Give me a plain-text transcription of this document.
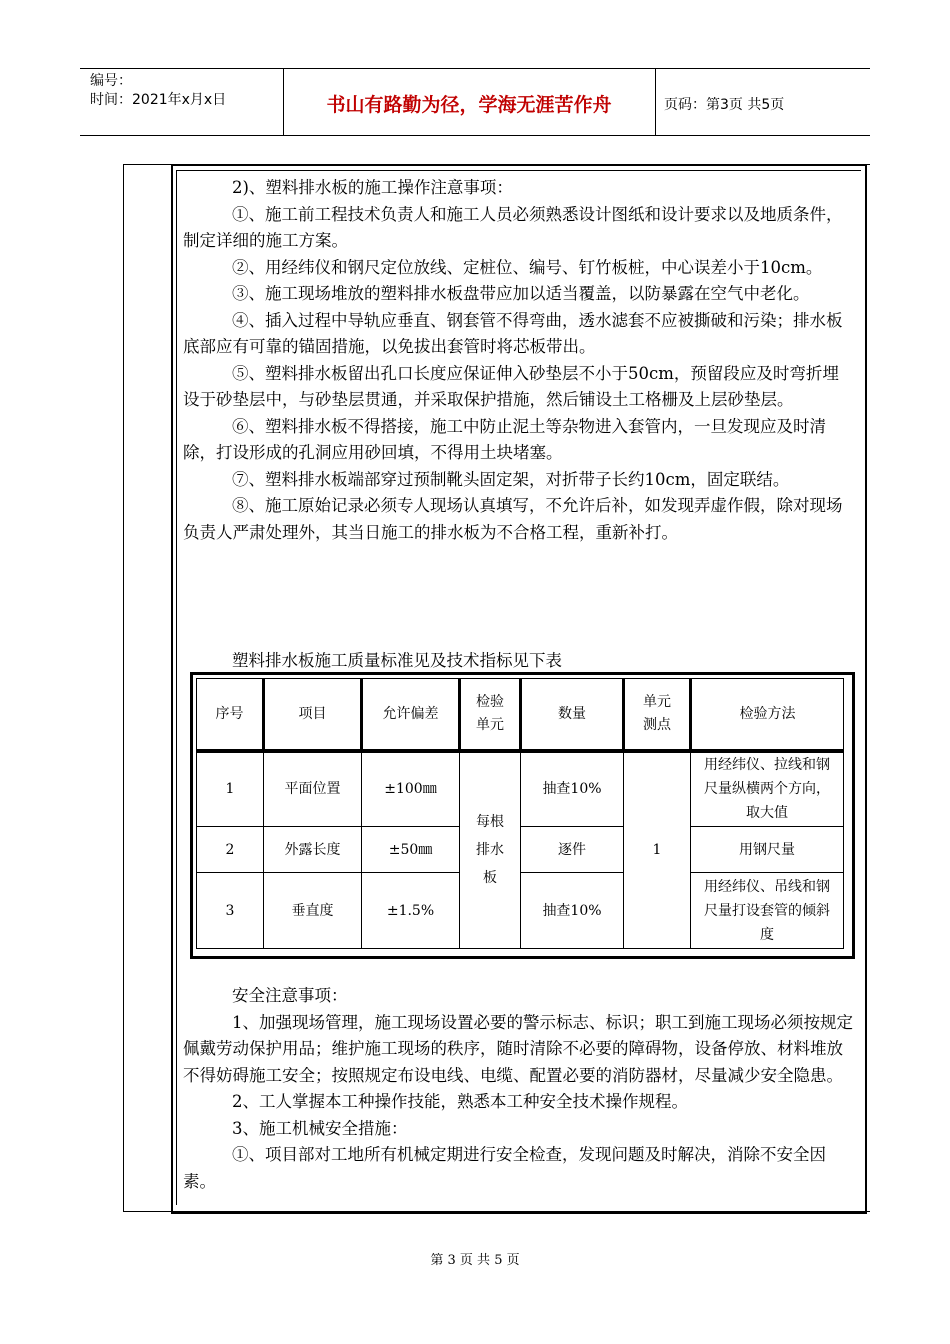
编号：
时间：2021年x月x日	书山有路勤为径，学海无涯苦作舟	页码：第3页 共5页

2)、塑料排水板的施工操作注意事项：

①、施工前工程技术负责人和施工人员必须熟悉设计图纸和设计要求以及地质条件，制定详细的施工方案。

②、用经纬仪和钢尺定位放线、定桩位、编号、钉竹板桩，中心误差小于10cm。

③、施工现场堆放的塑料排水板盘带应加以适当覆盖，以防暴露在空气中老化。

④、插入过程中导轨应垂直、钢套管不得弯曲，透水滤套不应被撕破和污染；排水板底部应有可靠的锚固措施，以免拔出套管时将芯板带出。

⑤、塑料排水板留出孔口长度应保证伸入砂垫层不小于50cm，预留段应及时弯折埋设于砂垫层中，与砂垫层贯通，并采取保护措施，然后铺设土工格栅及上层砂垫层。

⑥、塑料排水板不得搭接，施工中防止泥土等杂物进入套管内，一旦发现应及时清除，打设形成的孔洞应用砂回填，不得用土块堵塞。

⑦、塑料排水板端部穿过预制靴头固定架，对折带子长约10cm，固定联结。

⑧、施工原始记录必须专人现场认真填写，不允许后补，如发现弄虚作假，除对现场负责人严肃处理外，其当日施工的排水板为不合格工程，重新补打。

塑料排水板施工质量标准见及技术指标见下表

序号	项目	允许偏差	检验单元	数量	单元测点	检验方法
1	平面位置	±100㎜	每根排水板	抽查10%	1	用经纬仪、拉线和钢尺量纵横两个方向，取大值
2	外露长度	±50㎜		逐件		用钢尺量
3	垂直度	±1.5%		抽查10%		用经纬仪、吊线和钢尺量打设套管的倾斜度

安全注意事项：

1、加强现场管理，施工现场设置必要的警示标志、标识；职工到施工现场必须按规定佩戴劳动保护用品；维护施工现场的秩序，随时清除不必要的障碍物，设备停放、材料堆放不得妨碍施工安全；按照规定布设电线、电缆、配置必要的消防器材，尽量减少安全隐患。

2、工人掌握本工种操作技能，熟悉本工种安全技术操作规程。

3、施工机械安全措施：

①、项目部对工地所有机械定期进行安全检查，发现问题及时解决，消除不安全因素。

第 3 页 共 5 页
